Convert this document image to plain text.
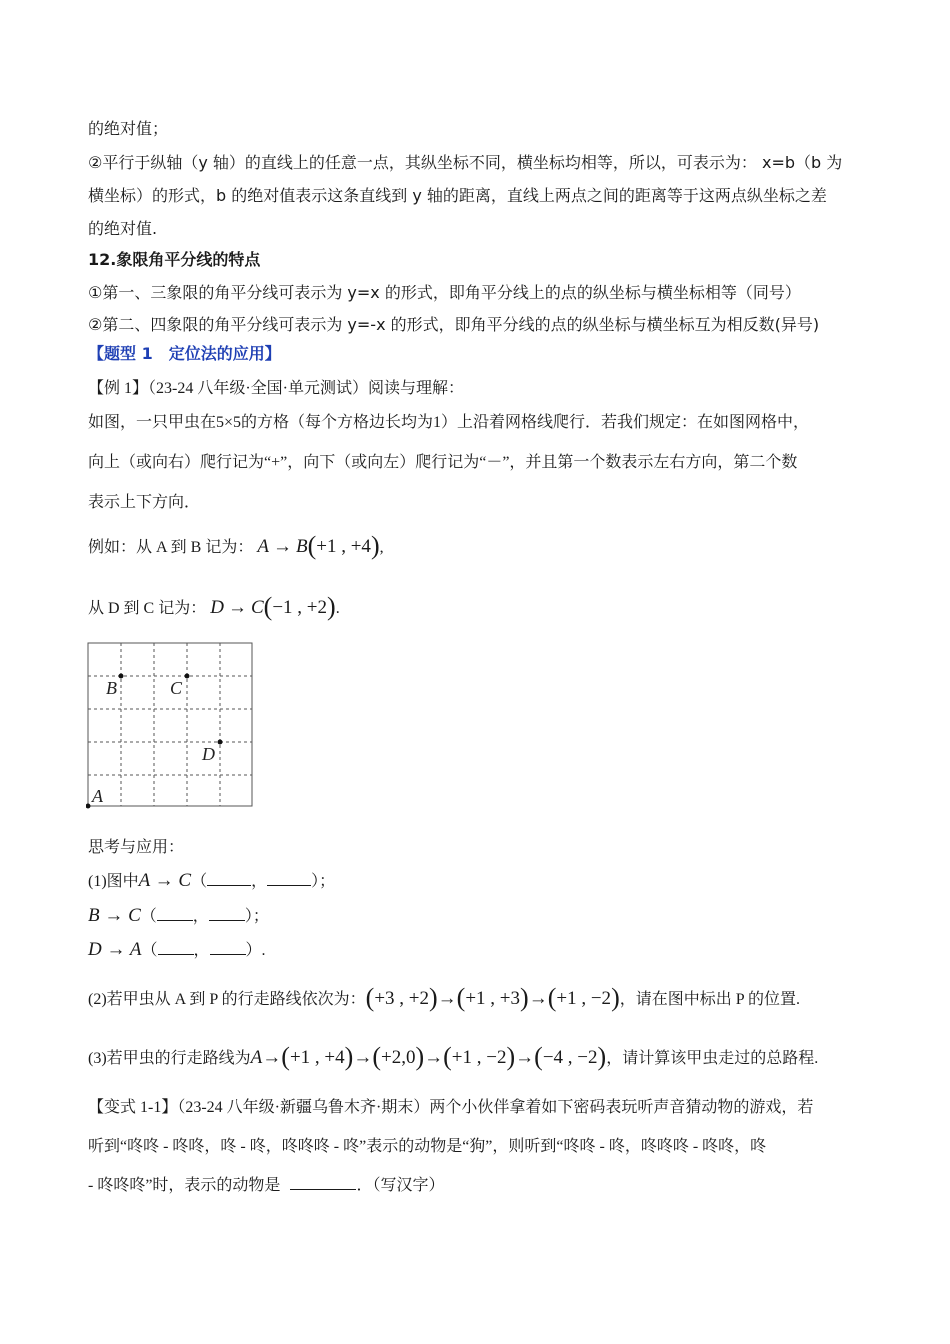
的绝对值；
②平行于纵轴（y 轴）的直线上的任意一点，其纵坐标不同，横坐标均相等，所以，可表示为： x=b（b 为
横坐标）的形式，b 的绝对值表示这条直线到 y 轴的距离，直线上两点之间的距离等于这两点纵坐标之差
的绝对值.
12.象限角平分线的特点
①第一、三象限的角平分线可表示为 y=x 的形式，即角平分线上的点的纵坐标与横坐标相等（同号）
②第二、四象限的角平分线可表示为 y=-x 的形式，即角平分线的点的纵坐标与横坐标互为相反数(异号)
【题型 1　定位法的应用】
【例 1】（23-24 八年级·全国·单元测试）阅读与理解：
如图，一只甲虫在5×5的方格（每个方格边长均为1）上沿着网格线爬行．若我们规定：在如图网格中，
向上（或向右）爬行记为“+”，向下（或向左）爬行记为“－”，并且第一个数表示左右方向，第二个数
表示上下方向．
例如：从 A 到 B 记为： A → B(+1 , +4),
从 D 到 C 记为： D → C(−1 , +2).
A
B	C
D
思考与应用：
(1)图中A → C（	，	）；
B → C（ ， ）；
D → A（ ， ）.
(2)若甲虫从 A 到 P 的行走路线依次为：(+3 , +2)→(+1 , +3)→(+1 , −2)，请在图中标出 P 的位置.
(3)若甲虫的行走路线为A→(+1 , +4)→(+2,0)→(+1 , −2)→(−4 , −2)，请计算该甲虫走过的总路程.
【变式 1-1】（23-24 八年级·新疆乌鲁木齐·期末）两个小伙伴拿着如下密码表玩听声音猜动物的游戏，若
听到“咚咚 - 咚咚，咚 - 咚，咚咚咚 - 咚”表示的动物是“狗”，则听到“咚咚 - 咚，咚咚咚 - 咚咚，咚
- 咚咚咚”时，表示的动物是	．（写汉字）
